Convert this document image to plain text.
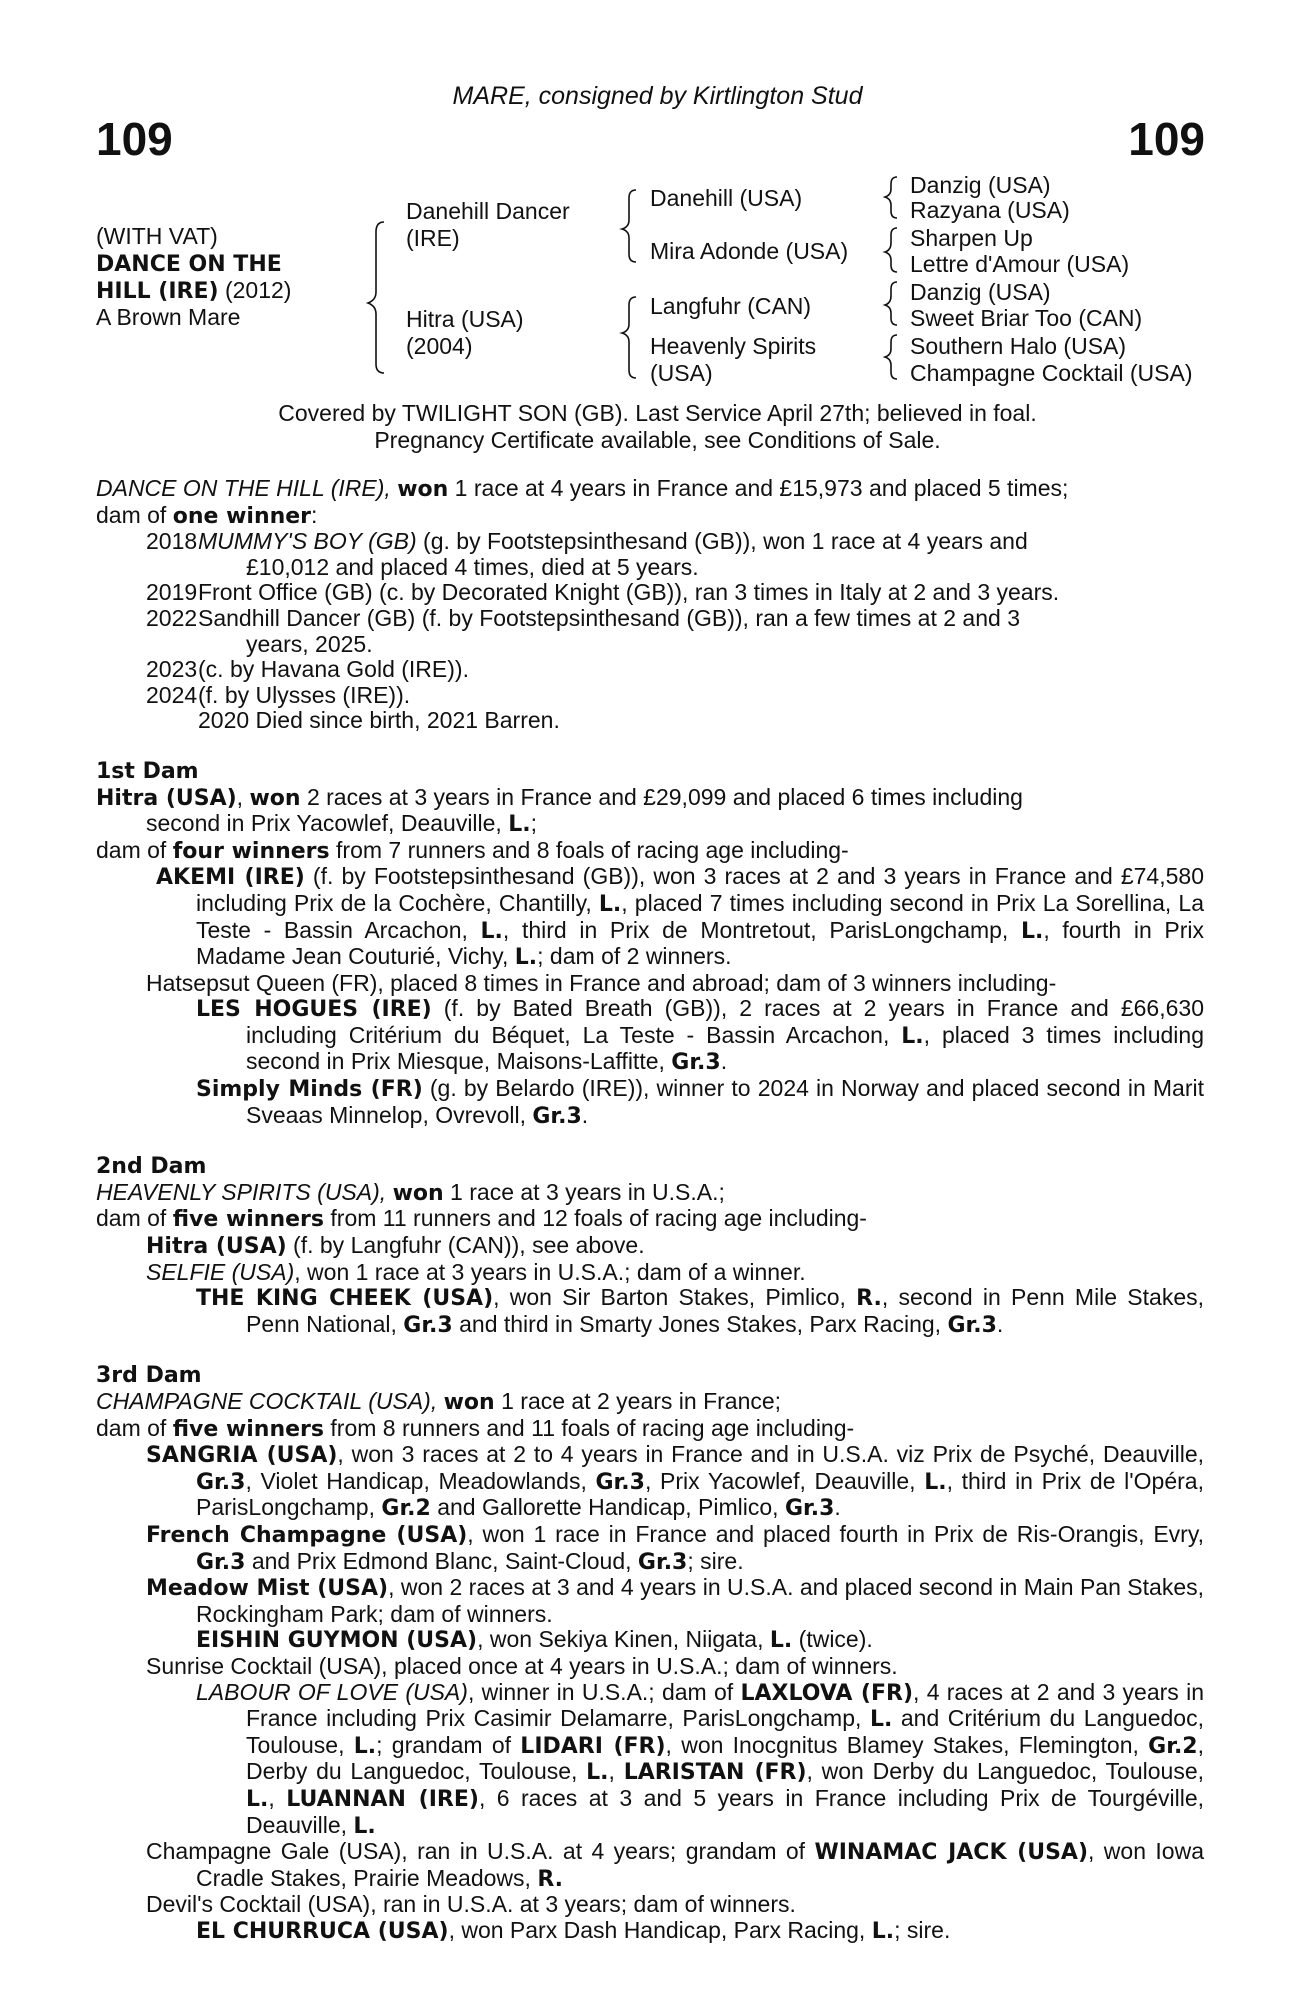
109	109
MARE, consigned by Kirtlington Stud
(WITH VAT)
DANCE ON THE
HILL (IRE) (2012)
A Brown Mare
Danehill Dancer
(IRE)
Hitra (USA)
(2004)
Danehill (USA)
Mira Adonde (USA)
Langfuhr (CAN)
Heavenly Spirits
(USA)
Danzig (USA)
Razyana (USA)
Sharpen Up
Lettre d'Amour (USA)
Danzig (USA)
Sweet Briar Too (CAN)
Southern Halo (USA)
Champagne Cocktail (USA)
Covered by TWILIGHT SON (GB). Last Service April 27th; believed in foal.
Pregnancy Certificate available, see Conditions of Sale.
DANCE ON THE HILL (IRE), won 1 race at 4 years in France and £15,973 and placed 5 times;
dam of one winner:
2018 MUMMY'S BOY (GB) (g. by Footstepsinthesand (GB)), won 1 race at 4 years and
£10,012 and placed 4 times, died at 5 years.
2019 Front Office (GB) (c. by Decorated Knight (GB)), ran 3 times in Italy at 2 and 3 years.
2022 Sandhill Dancer (GB) (f. by Footstepsinthesand (GB)), ran a few times at 2 and 3
years, 2025.
2023 (c. by Havana Gold (IRE)).
2024 (f. by Ulysses (IRE)).
2020 Died since birth, 2021 Barren.
1st Dam
Hitra (USA), won 2 races at 3 years in France and £29,099 and placed 6 times including
second in Prix Yacowlef, Deauville, L.;
dam of four winners from 7 runners and 8 foals of racing age including-
AKEMI (IRE) (f. by Footstepsinthesand (GB)), won 3 races at 2 and 3 years in France and £74,580 including Prix de la Cochère, Chantilly, L., placed 7 times including second in Prix La Sorellina, La Teste - Bassin Arcachon, L., third in Prix de Montretout, ParisLongchamp, L., fourth in Prix Madame Jean Couturié, Vichy, L.; dam of 2 winners.
Hatsepsut Queen (FR), placed 8 times in France and abroad; dam of 3 winners including-
LES HOGUES (IRE) (f. by Bated Breath (GB)), 2 races at 2 years in France and £66,630 including Critérium du Béquet, La Teste - Bassin Arcachon, L., placed 3 times including second in Prix Miesque, Maisons-Laffitte, Gr.3.
Simply Minds (FR) (g. by Belardo (IRE)), winner to 2024 in Norway and placed second in Marit Sveaas Minnelop, Ovrevoll, Gr.3.
2nd Dam
HEAVENLY SPIRITS (USA), won 1 race at 3 years in U.S.A.;
dam of five winners from 11 runners and 12 foals of racing age including-
Hitra (USA) (f. by Langfuhr (CAN)), see above.
SELFIE (USA), won 1 race at 3 years in U.S.A.; dam of a winner.
THE KING CHEEK (USA), won Sir Barton Stakes, Pimlico, R., second in Penn Mile Stakes, Penn National, Gr.3 and third in Smarty Jones Stakes, Parx Racing, Gr.3.
3rd Dam
CHAMPAGNE COCKTAIL (USA), won 1 race at 2 years in France;
dam of five winners from 8 runners and 11 foals of racing age including-
SANGRIA (USA), won 3 races at 2 to 4 years in France and in U.S.A. viz Prix de Psyché, Deauville, Gr.3, Violet Handicap, Meadowlands, Gr.3, Prix Yacowlef, Deauville, L., third in Prix de l'Opéra, ParisLongchamp, Gr.2 and Gallorette Handicap, Pimlico, Gr.3.
French Champagne (USA), won 1 race in France and placed fourth in Prix de Ris-Orangis, Evry, Gr.3 and Prix Edmond Blanc, Saint-Cloud, Gr.3; sire.
Meadow Mist (USA), won 2 races at 3 and 4 years in U.S.A. and placed second in Main Pan Stakes, Rockingham Park; dam of winners.
EISHIN GUYMON (USA), won Sekiya Kinen, Niigata, L. (twice).
Sunrise Cocktail (USA), placed once at 4 years in U.S.A.; dam of winners.
LABOUR OF LOVE (USA), winner in U.S.A.; dam of LAXLOVA (FR), 4 races at 2 and 3 years in France including Prix Casimir Delamarre, ParisLongchamp, L. and Critérium du Languedoc, Toulouse, L.; grandam of LIDARI (FR), won Inocgnitus Blamey Stakes, Flemington, Gr.2, Derby du Languedoc, Toulouse, L., LARISTAN (FR), won Derby du Languedoc, Toulouse, L., LUANNAN (IRE), 6 races at 3 and 5 years in France including Prix de Tourgéville, Deauville, L.
Champagne Gale (USA), ran in U.S.A. at 4 years; grandam of WINAMAC JACK (USA), won Iowa Cradle Stakes, Prairie Meadows, R.
Devil's Cocktail (USA), ran in U.S.A. at 3 years; dam of winners.
EL CHURRUCA (USA), won Parx Dash Handicap, Parx Racing, L.; sire.
